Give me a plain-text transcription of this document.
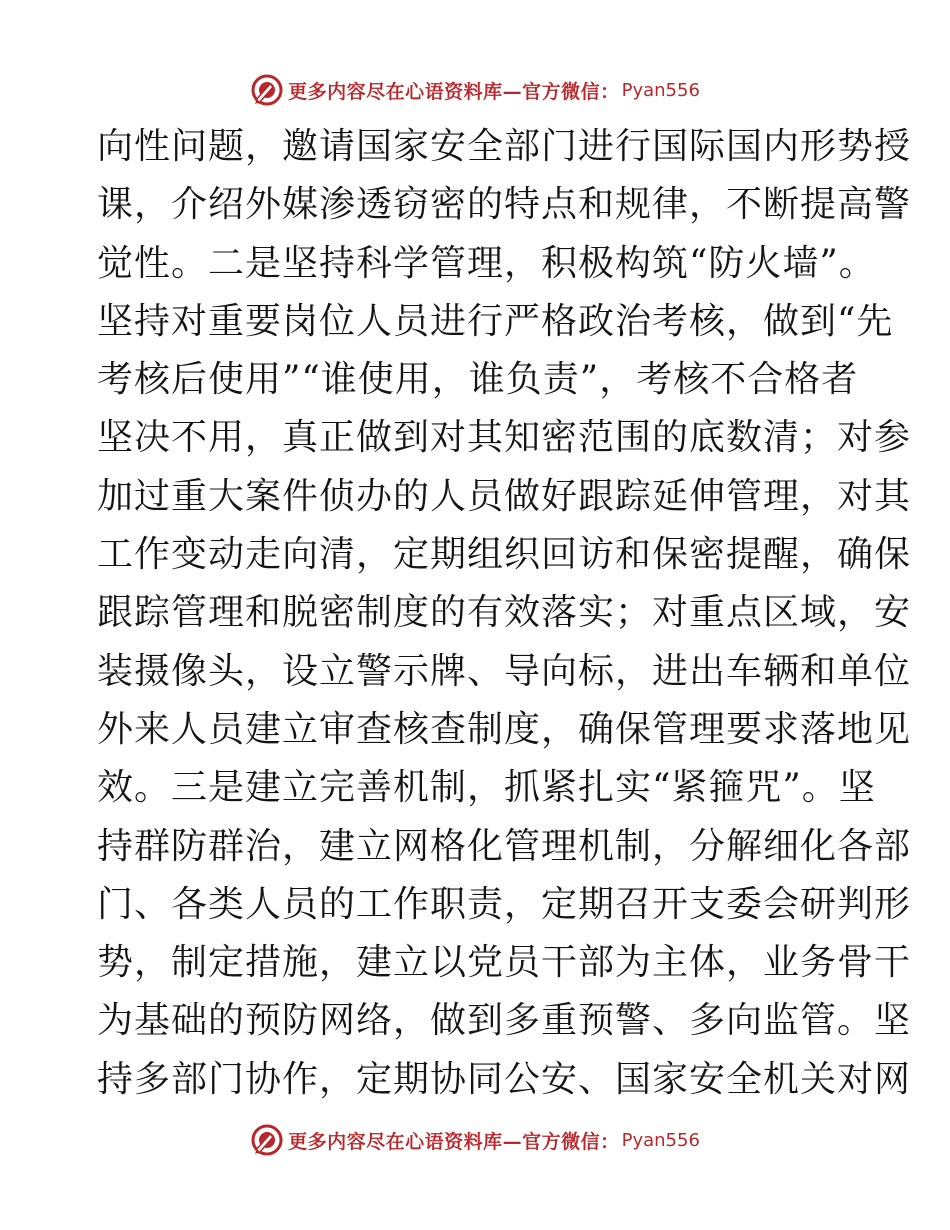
更多内容尽在心语资料库—官方微信： Pyan556
向性问题，邀请国家安全部门进行国际国内形势授
课，介绍外媒渗透窃密的特点和规律，不断提高警
觉性。二是坚持科学管理，积极构筑“防火墙”。
坚持对重要岗位人员进行严格政治考核，做到“先
考核后使用”“谁使用，谁负责”，考核不合格者
坚决不用，真正做到对其知密范围的底数清；对参
加过重大案件侦办的人员做好跟踪延伸管理，对其
工作变动走向清，定期组织回访和保密提醒，确保
跟踪管理和脱密制度的有效落实；对重点区域，安
装摄像头，设立警示牌、导向标，进出车辆和单位
外来人员建立审查核查制度，确保管理要求落地见
效。三是建立完善机制，抓紧扎实“紧箍咒”。坚
持群防群治，建立网格化管理机制，分解细化各部
门、各类人员的工作职责，定期召开支委会研判形
势，制定措施，建立以党员干部为主体，业务骨干
为基础的预防网络，做到多重预警、多向监管。坚
持多部门协作，定期协同公安、国家安全机关对网
更多内容尽在心语资料库—官方微信： Pyan556
